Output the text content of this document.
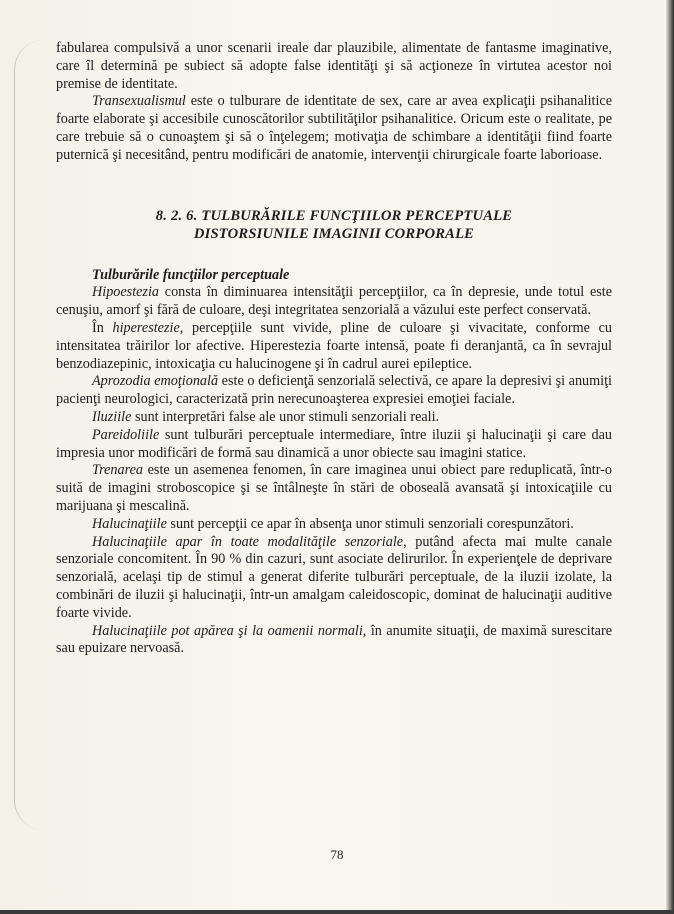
fabularea compulsivă a unor scenarii ireale dar plauzibile, alimentate de fantasme imaginative, care îl determină pe subiect să adopte false identităţi şi să acţioneze în virtutea acestor noi premise de identitate.

Transexualismul este o tulburare de identitate de sex, care ar avea explicaţii psihanalitice foarte elaborate şi accesibile cunoscătorilor subtilităţilor psihanalitice. Oricum este o realitate, pe care trebuie să o cunoaştem şi să o înţelegem; motivaţia de schimbare a identităţii fiind foarte puternică şi necesitând, pentru modificări de anatomie, intervenţii chirurgicale foarte laborioase.

8. 2. 6. TULBURĂRILE FUNCŢIILOR PERCEPTUALE
DISTORSIUNILE IMAGINII CORPORALE

Tulburările funcţiilor perceptuale

Hipoestezia consta în diminuarea intensităţii percepţiilor, ca în depresie, unde totul este cenuşiu, amorf şi fără de culoare, deşi integritatea senzorială a văzului este perfect conservată.

În hiperestezie, percepţiile sunt vivide, pline de culoare şi vivacitate, conforme cu intensitatea trăirilor lor afective. Hiperestezia foarte intensă, poate fi deranjantă, ca în sevrajul benzodiazepinic, intoxicaţia cu halucinogene şi în cadrul aurei epileptice.

Aprozodia emoţională este o deficienţă senzorială selectivă, ce apare la depresivi şi anumiţi pacienţi neurologici, caracterizată prin nerecunoaşterea expresiei emoţiei faciale.

Iluziile sunt interpretări false ale unor stimuli senzoriali reali.

Pareidoliile sunt tulburări perceptuale intermediare, între iluzii şi halucinaţii şi care dau impresia unor modificări de formă sau dinamică a unor obiecte sau imagini statice.

Trenarea este un asemenea fenomen, în care imaginea unui obiect pare reduplicată, într-o suită de imagini stroboscopice şi se întâlneşte în stări de oboseală avansată şi intoxicaţiile cu marijuana şi mescalină.

Halucinaţiile sunt percepţii ce apar în absenţa unor stimuli senzoriali corespunzători.

Halucinaţiile apar în toate modalităţile senzoriale, putând afecta mai multe canale senzoriale concomitent. În 90 % din cazuri, sunt asociate delirurilor. În experienţele de deprivare senzorială, acelaşi tip de stimul a generat diferite tulburări perceptuale, de la iluzii izolate, la combinări de iluzii şi halucinaţii, într-un amalgam caleidoscopic, dominat de halucinaţii auditive foarte vivide.

Halucinaţiile pot apărea şi la oamenii normali, în anumite situaţii, de maximă surescitare sau epuizare nervoasă.

78
